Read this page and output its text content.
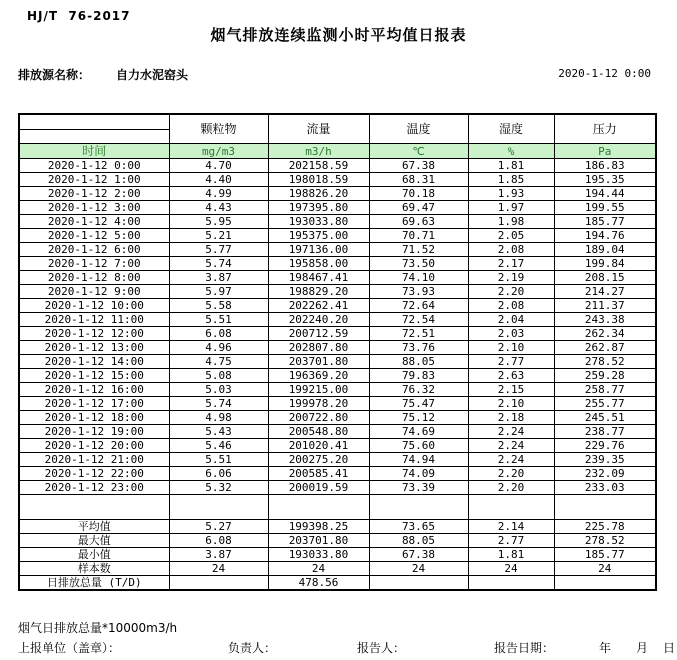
HJ/T  76-2017
烟气排放连续监测小时平均值日报表
排放源名称： 自力水泥窑头	2020-1-12 0:00
	颗粒物	流量	温度	湿度	压力

时间	mg/m3	m3/h	℃	%	Pa
2020-1-12 0:00	4.70	202158.59	67.38	1.81	186.83
2020-1-12 1:00	4.40	198018.59	68.31	1.85	195.35
2020-1-12 2:00	4.99	198826.20	70.18	1.93	194.44
2020-1-12 3:00	4.43	197395.80	69.47	1.97	199.55
2020-1-12 4:00	5.95	193033.80	69.63	1.98	185.77
2020-1-12 5:00	5.21	195375.00	70.71	2.05	194.76
2020-1-12 6:00	5.77	197136.00	71.52	2.08	189.04
2020-1-12 7:00	5.74	195858.00	73.50	2.17	199.84
2020-1-12 8:00	3.87	198467.41	74.10	2.19	208.15
2020-1-12 9:00	5.97	198829.20	73.93	2.20	214.27
2020-1-12 10:00	5.58	202262.41	72.64	2.08	211.37
2020-1-12 11:00	5.51	202240.20	72.54	2.04	243.38
2020-1-12 12:00	6.08	200712.59	72.51	2.03	262.34
2020-1-12 13:00	4.96	202807.80	73.76	2.10	262.87
2020-1-12 14:00	4.75	203701.80	88.05	2.77	278.52
2020-1-12 15:00	5.08	196369.20	79.83	2.63	259.28
2020-1-12 16:00	5.03	199215.00	76.32	2.15	258.77
2020-1-12 17:00	5.74	199978.20	75.47	2.10	255.77
2020-1-12 18:00	4.98	200722.80	75.12	2.18	245.51
2020-1-12 19:00	5.43	200548.80	74.69	2.24	238.77
2020-1-12 20:00	5.46	201020.41	75.60	2.24	229.76
2020-1-12 21:00	5.51	200275.20	74.94	2.24	239.35
2020-1-12 22:00	6.06	200585.41	74.09	2.20	232.09
2020-1-12 23:00	5.32	200019.59	73.39	2.20	233.03

平均值	5.27	199398.25	73.65	2.14	225.78
最大值	6.08	203701.80	88.05	2.77	278.52
最小值	3.87	193033.80	67.38	1.81	185.77
样本数	24	24	24	24	24
日排放总量 (T/D)		478.56			
烟气日排放总量*10000m3/h
上报单位（盖章）：	负责人：	报告人：	报告日期：	年 月 日
